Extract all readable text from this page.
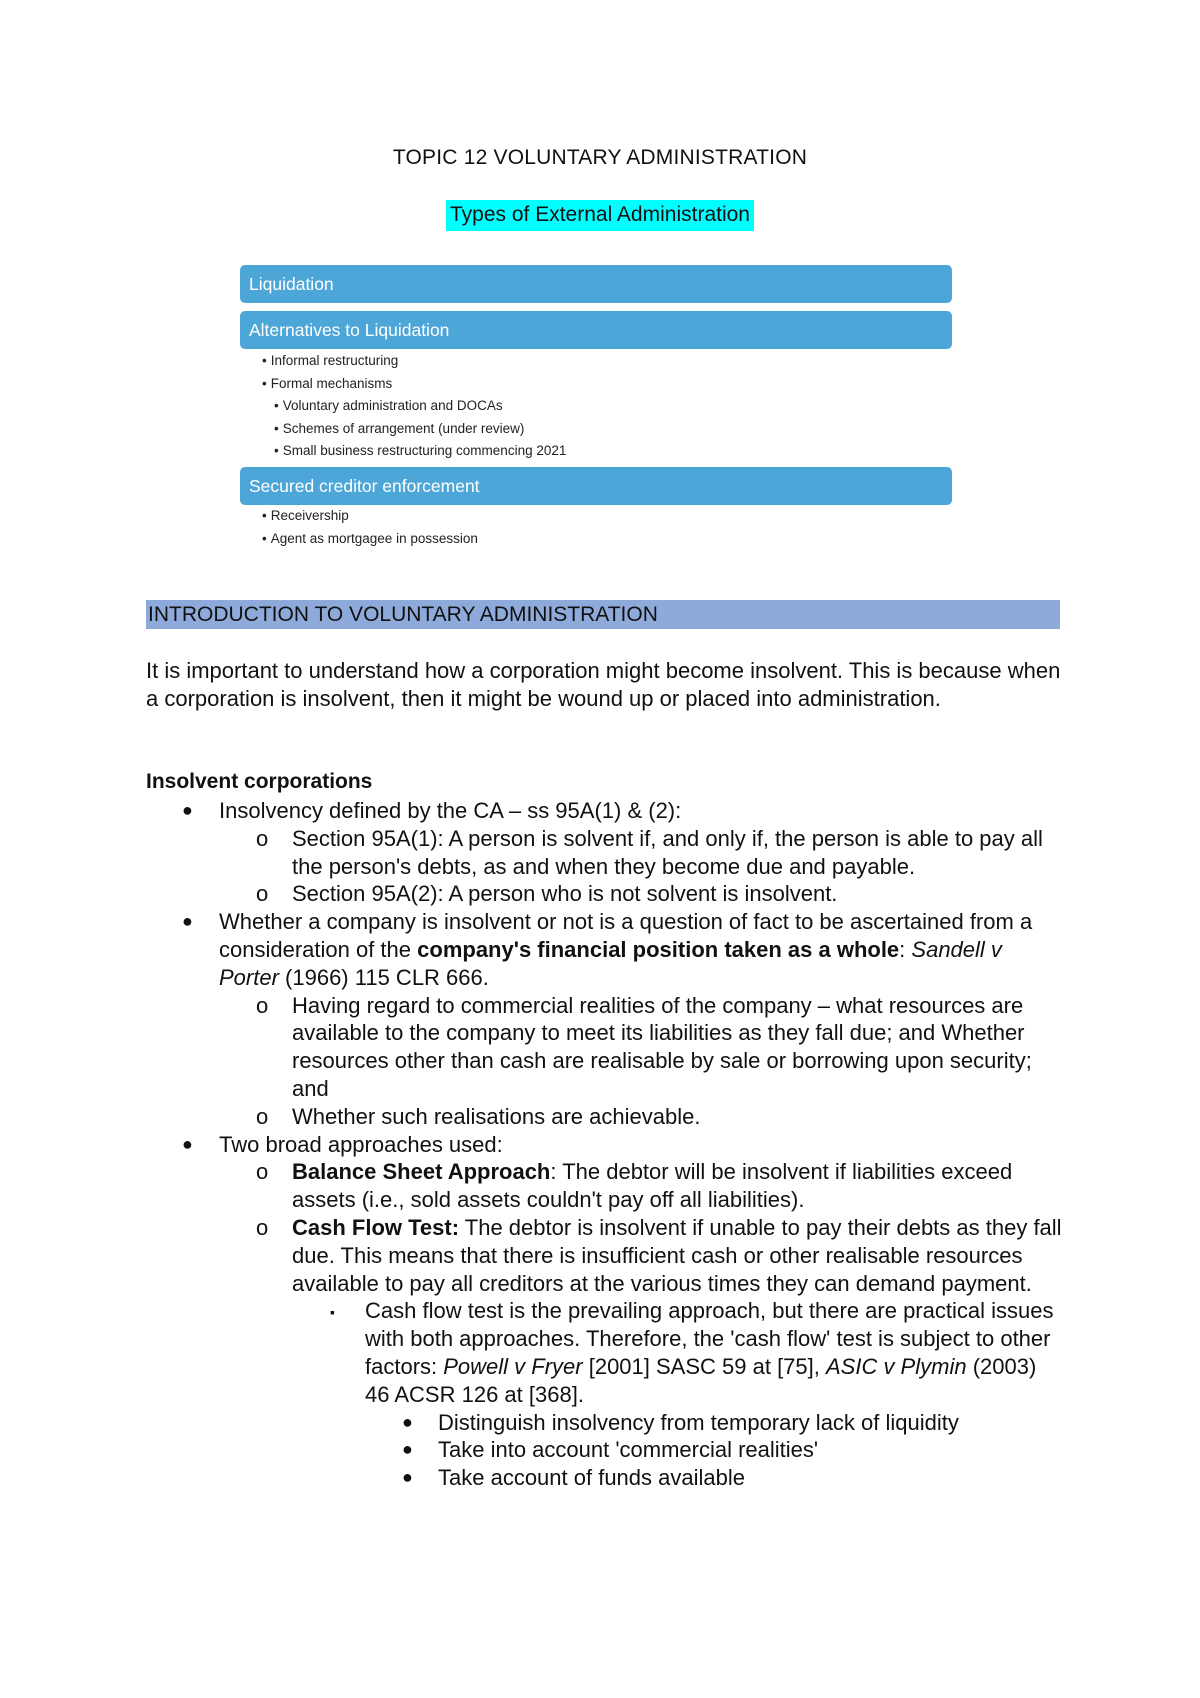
TOPIC 12 VOLUNTARY ADMINISTRATION
Types of External Administration
Liquidation
Alternatives to Liquidation
• Informal restructuring
• Formal mechanisms
• Voluntary administration and DOCAs
• Schemes of arrangement (under review)
• Small business restructuring commencing 2021
Secured creditor enforcement
• Receivership
• Agent as mortgagee in possession
INTRODUCTION TO VOLUNTARY ADMINISTRATION
It is important to understand how a corporation might become insolvent. This is because when a corporation is insolvent, then it might be wound up or placed into administration.
Insolvent corporations
● Insolvency defined by the CA – ss 95A(1) & (2):
o Section 95A(1): A person is solvent if, and only if, the person is able to pay all the person's debts, as and when they become due and payable.
o Section 95A(2): A person who is not solvent is insolvent.
● Whether a company is insolvent or not is a question of fact to be ascertained from a consideration of the company's financial position taken as a whole: Sandell v Porter (1966) 115 CLR 666.
o Having regard to commercial realities of the company – what resources are available to the company to meet its liabilities as they fall due; and Whether resources other than cash are realisable by sale or borrowing upon security; and
o Whether such realisations are achievable.
● Two broad approaches used:
o Balance Sheet Approach: The debtor will be insolvent if liabilities exceed assets (i.e., sold assets couldn't pay off all liabilities).
o Cash Flow Test: The debtor is insolvent if unable to pay their debts as they fall due. This means that there is insufficient cash or other realisable resources available to pay all creditors at the various times they can demand payment.
▪ Cash flow test is the prevailing approach, but there are practical issues with both approaches. Therefore, the 'cash flow' test is subject to other factors: Powell v Fryer [2001] SASC 59 at [75], ASIC v Plymin (2003) 46 ACSR 126 at [368].
● Distinguish insolvency from temporary lack of liquidity
● Take into account 'commercial realities'
● Take account of funds available
